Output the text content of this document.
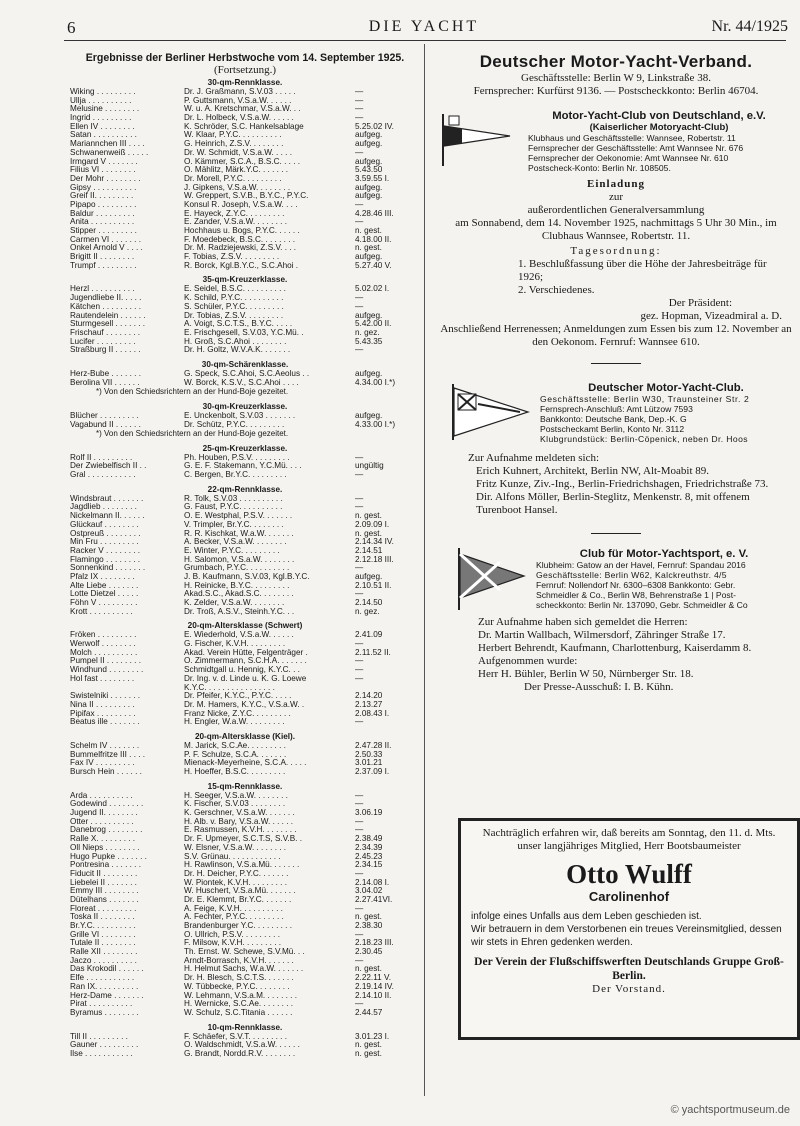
6	DIE YACHT	Nr. 44/1925
Ergebnisse der Berliner Herbstwoche vom 14. September 1925.
(Fortsetzung.)
30-qm-Rennklasse.
Wiking . . . . . . . . .	Dr. J. Graßmann, S.V.03 . . . . .	—
Ullja . . . . . . . . . .	P. Guttsmann, V.S.a.W. . . . . .	—
Melusine . . . . . . . .	W. u. A. Kretschmar, V.S.a.W. . .	—
Ingrid . . . . . . . . .	Dr. L. Holbeck, V.S.a.W. . . . . .	—
Ellen IV . . . . . . . .	K. Schröder, S.C. Hankelsablage	5.25.02 IV.
Satan . . . . . . . . . .	W. Klaar, P.Y.C. . . . . . . . . .	aufgeg.
Mariannchen III . . . .	G. Heinrich, Z.S.V. . . . . . . .	aufgeg.
Schwanenweiß . . . . .	Dr. W. Schmidt, V.S.a.W. . . . .	—
Irmgard V . . . . . . .	O. Kämmer, S.C.A., B.S.C. . . . .	aufgeg.
Filius VI . . . . . . . .	O. Mählitz, Märk.Y.C. . . . . . .	5.43.50
Der Mohr . . . . . . . .	Dr. Morell, P.Y.C. . . . . . . . .	3.59.55 I.
Gipsy . . . . . . . . . .	J. Gipkens, V.S.a.W. . . . . . . .	aufgeg.
Greif II. . . . . . . . .	W. Greppert, S.V.B., B.Y.C., P.Y.C.	aufgeg.
Pipapo . . . . . . . . .	Konsul R. Joseph, V.S.a.W. . . .	—
Baldur . . . . . . . . .	E. Hayeck, Z.Y.C. . . . . . . . .	4.28.46 III.
Anita . . . . . . . . . .	E. Zander, V.S.a.W. . . . . . . .	—
Stipper . . . . . . . . .	Hochhaus u. Bogs, P.Y.C. . . . . .	n. gest.
Carmen VI . . . . . . .	F. Moedebeck, B.S.C. . . . . . . .	4.18.00 II.
Onkel Arnold V . . . .	Dr. M. Radziejewski, Z.S.V. . . .	n. gest.
Brigitt II . . . . . . . .	F. Tobias, Z.S.V. . . . . . . . .	aufgeg.
Trumpf . . . . . . . . .	R. Borck, Kgl.B.Y.C., S.C.Ahoi .	5.27.40 V.
35-qm-Kreuzerklasse.
Herzl . . . . . . . . . .	E. Seidel, B.S.C. . . . . . . . . .	5.02.02 I.
Jugendliebe II. . . . .	K. Schild, P.Y.C. . . . . . . . . .	—
Kätchen . . . . . . . . .	S. Schüler, P.Y.C. . . . . . . . .	—
Rautendelein . . . . . .	Dr. Tobias, Z.S.V. . . . . . . . .	aufgeg.
Sturmgesell . . . . . . .	A. Voigt, S.C.T.S., B.Y.C. . . . .	5.42.00 II.
Frischauf . . . . . . . .	E. Frischgesell, S.V.03, Y.C.Mü. .	n. gez.
Lucifer . . . . . . . . .	H. Groß, S.C.Ahoi . . . . . . . .	5.43.35
Straßburg II . . . . . .	Dr. H. Goltz, W.V.A.K. . . . . . .	—
30-qm-Schärenklasse.
Herz-Bube . . . . . . .	G. Speck, S.C.Ahoi, S.C.Aeolus . .	aufgeg.
Berolina VII . . . . . .	W. Borck, K.S.V., S.C.Ahoi . . . .	4.34.00 I.*)
*) Von den Schiedsrichtern an der Hund-Boje gezeitet.
30-qm-Kreuzerklasse.
Blücher . . . . . . . . .	E. Unckenbolt, S.V.03 . . . . . . .	aufgeg.
Vagabund II . . . . . .	Dr. Schütz, P.Y.C. . . . . . . . .	4.33.00 I.*)
*) Von den Schiedsrichtern an der Hund-Boje gezeitet.
25-qm-Kreuzerklasse.
Rolf II . . . . . . . . .	Ph. Houben, P.S.V. . . . . . . . .	—
Der Zwiebelfisch II . .	G. E. F. Stakemann, Y.C.Mü. . . .	ungültig
Gral . . . . . . . . . . .	C. Bergen, Br.Y.C. . . . . . . . .	—
22-qm-Rennklasse.
Windsbraut . . . . . . .	R. Tolk, S.V.03 . . . . . . . . . .	—
Jagdlieb . . . . . . . .	G. Faust, P.Y.C. . . . . . . . . .	—
Nickelmann II. . . . . .	O. E. Westphal, P.S.V. . . . . . .	n. gest.
Glückauf . . . . . . . .	V. Trimpler, Br.Y.C. . . . . . . .	2.09.09 I.
Ostpreuß . . . . . . . .	R. R. Kischkat, W.a.W. . . . . . .	n. gest.
Min Fru . . . . . . . . .	A. Becker, V.S.a.W. . . . . . . .	2.14.34 IV.
Racker V . . . . . . . .	E. Winter, P.Y.C. . . . . . . . .	2.14.51
Flamingo . . . . . . . .	H. Salomon, V.S.a.W. . . . . . . .	2.12.18 III.
Sonnenkind . . . . . . .	Grumbach, P.Y.C. . . . . . . . . .	—
Pfalz IX . . . . . . . .	J. B. Kaufmann, S.V.03, Kgl.B.Y.C.	aufgeg.
Alte Liebe . . . . . . .	H. Reinicke, B.Y.C. . . . . . . . .	2.10.51 II.
Lotte Dietzel . . . . .	Akad.S.C., Akad.S.C. . . . . . . .	—
Föhn V . . . . . . . . .	K. Zelder, V.S.a.W. . . . . . . .	2.14.50
Krott . . . . . . . . . .	Dr. Troß, A.S.V., Steinh.Y.C. . .	n. gez.
20-qm-Altersklasse (Schwert)
Fröken . . . . . . . . .	E. Wiederhold, V.S.a.W. . . . . .	2.41.09
Werwolf . . . . . . . .	G. Fischer, K.V.H. . . . . . . . .	—
Molch . . . . . . . . . .	Akad. Verein Hütte, Felgenträger .	2.11.52 II.
Pumpel II . . . . . . . .	O. Zimmermann, S.C.H.A. . . . . . .	—
Windhund . . . . . . . .	Schmidtgall u. Hennig, K.Y.C. . .	—
Hol fast . . . . . . . .	Dr. Ing. v. d. Linde u. K. G. Loewe	—
K.Y.C. . . . . . . . . . . . . . . .
Swistelniki . . . . . . .	Dr. Pfeifer, K.Y.C., P.Y.C. . . . .	2.14.20
Nina II . . . . . . . . .	Dr. M. Hamers, K.Y.C., V.S.a.W. .	2.13.27
Pipifax . . . . . . . . .	Franz Nicke, Z.Y.C. . . . . . . . .	2.08.43 I.
Beatus ille . . . . . . .	H. Engler, W.a.W. . . . . . . . .	—
20-qm-Altersklasse (Kiel).
Schelm IV . . . . . . .	M. Jarick, S.C.Ae. . . . . . . . .	2.47.28 II.
Bummelfritze III . . . .	P. F. Schulze, S.C.A. . . . . . .	2.50.33
Fax IV . . . . . . . . .	Mienack-Meyerheine, S.C.A. . . . .	3.01.21
Bursch Hein . . . . . .	H. Hoeffer, B.S.C. . . . . . . . .	2.37.09 I.
15-qm-Rennklasse.
Arda . . . . . . . . . .	H. Seeger, V.S.a.W. . . . . . . .	—
Godewind . . . . . . . .	K. Fischer, S.V.03 . . . . . . . .	—
Jugend II. . . . . . . .	K. Gerschner, V.S.a.W. . . . . . .	3.06.19
Otter . . . . . . . . . .	H. Alb. v. Bary, V.S.a.W. . . . . .	—
Danebrog . . . . . . . .	E. Rasmussen, K.V.H. . . . . . . .	—
Ralle X. . . . . . . . .	Dr. F. Upmeyer, S.C.T.S, S.V.B. .	2.38.49
Oll Nieps . . . . . . . .	W. Elsner, V.S.a.W. . . . . . . .	2.34.39
Hugo Pupke . . . . . . .	S.V. Grünau. . . . . . . . . . . .	2.45.23
Pontresina . . . . . . .	H. Rawlinson, V.S.a.Mü. . . . . . .	2.34.15
Fiducit II . . . . . . . .	Dr. H. Deicher, P.Y.C. . . . . . .	—
Liebelei II . . . . . . .	W. Piontek, K.V.H. . . . . . . . .	2.14.08 I.
Emmy III . . . . . . . .	W. Huschert, V.S.a.Mü. . . . . . .	3.04.02
Dütelhans . . . . . . .	Dr. E. Klemmt, Br.Y.C. . . . . . .	2.27.41VI.
Floreat . . . . . . . . .	A. Feige, K.V.H. . . . . . . . . .	—
Toska II . . . . . . . .	A. Fechter, P.Y.C. . . . . . . . .	n. gest.
Br.Y.C. . . . . . . . . .	Brandenburger Y.C. . . . . . . . .	2.38.30
Grille VI . . . . . . . .	O. Ullrich, P.S.V. . . . . . . . .	—
Tutale II . . . . . . . .	F. Milsow, K.V.H. . . . . . . . .	2.18.23 III.
Ralle XII . . . . . . . .	Th. Ernst. W. Schewe, S.V.Mü. . .	2.30.45
Jaczo . . . . . . . . . .	Arndt-Borrasch, K.V.H. . . . . . .	—
Das Krokodil . . . . . .	H. Helmut Sachs, W.a.W. . . . . . .	n. gest.
Elfe . . . . . . . . . . .	Dr. H. Blesch, S.C.T.S. . . . . . .	2.22.11 V.
Ran IX. . . . . . . . . .	W. Tübbecke, P.Y.C. . . . . . . .	2.19.14 IV.
Herz-Dame . . . . . . .	W. Lehmann, V.S.a.M. . . . . . . .	2.14.10 II.
Pirat . . . . . . . . . .	H. Wernicke, S.C.Ae. . . . . . . .	—
Byramus . . . . . . . .	W. Schulz, S.C.Titania . . . . . .	2.44.57
10-qm-Rennklasse.
Till II . . . . . . . . .	F. Schäefer, S.V.T. . . . . . . . .	3.01.23 I.
Gauner . . . . . . . . .	O. Waldschmidt, V.S.a.W. . . . . .	n. gest.
Ilse . . . . . . . . . . .	G. Brandt, Nordd.R.V. . . . . . . .	n. gest.
Deutscher Motor-Yacht-Verband.
Geschäftsstelle: Berlin W 9, Linkstraße 38.
Fernsprecher: Kurfürst 9136. — Postscheckkonto: Berlin 46704.
Motor-Yacht-Club von Deutschland, e.V.
(Kaiserlicher Motoryacht-Club)
Klubhaus und Geschäftsstelle: Wannsee, Robertstr. 11
Fernsprecher der Geschäftsstelle: Amt Wannsee Nr. 676
Fernsprecher der Oekonomie: Amt Wannsee Nr. 610
Postscheck-Konto: Berlin Nr. 108505.
Einladung
zur
außerordentlichen Generalversammlung
am Sonnabend, dem 14. November 1925, nachmittags 5 Uhr 30 Min., im Clubhaus Wannsee, Robertstr. 11.
Tagesordnung:
1. Beschlußfassung über die Höhe der Jahresbeiträge für 1926;
2. Verschiedenes.
Der Präsident:
gez. Hopman, Vizeadmiral a. D.
Anschließend Herrenessen; Anmeldungen zum Essen bis zum 12. November an den Oekonom. Fernruf: Wannsee 610.
Deutscher Motor-Yacht-Club.
Geschäftsstelle: Berlin W30, Traunsteiner Str. 2
Fernsprech-Anschluß: Amt Lützow 7593
Bankkonto: Deutsche Bank, Dep.-K. G
Postscheckamt Berlin, Konto Nr. 3112
Klubgrundstück: Berlin-Cöpenick, neben Dr. Hoos
Zur Aufnahme meldeten sich:
Erich Kuhnert, Architekt, Berlin NW, Alt-Moabit 89.
Fritz Kunze, Ziv.-Ing., Berlin-Friedrichshagen, Friedrichstraße 73.
Dir. Alfons Möller, Berlin-Steglitz, Menkenstr. 8, mit offenem Turenboot Hansel.
Club für Motor-Yachtsport, e. V.
Klubheim: Gatow an der Havel, Fernruf: Spandau 2016
Geschäftsstelle: Berlin W62, Kalckreuthstr. 4/5
Fernruf: Nollendorf Nr. 6300–6308 Bankkonto: Gebr.
Schmeidler & Co., Berlin W8, Behrenstraße 1 | Post-
scheckkonto: Berlin Nr. 137090, Gebr. Schmeidler & Co
Zur Aufnahme haben sich gemeldet die Herren:
Dr. Martin Wallbach, Wilmersdorf, Zähringer Straße 17.
Herbert Behrendt, Kaufmann, Charlottenburg, Kaiserdamm 8.
Aufgenommen wurde:
Herr H. Bühler, Berlin W 50, Nürnberger Str. 18.
Der Presse-Ausschuß: I. B. Kühn.
Nachträglich erfahren wir, daß bereits am Sonntag, den 11. d. Mts. unser langjähriges Mitglied, Herr Bootsbaumeister
Otto Wulff
Carolinenhof
infolge eines Unfalls aus dem Leben geschieden ist.
Wir betrauern in dem Verstorbenen ein treues Vereinsmitglied, dessen wir stets in Ehren gedenken werden.
Der Verein der Flußschiffswerften Deutschlands Gruppe Groß-Berlin.
Der Vorstand.
© yachtsportmuseum.de
